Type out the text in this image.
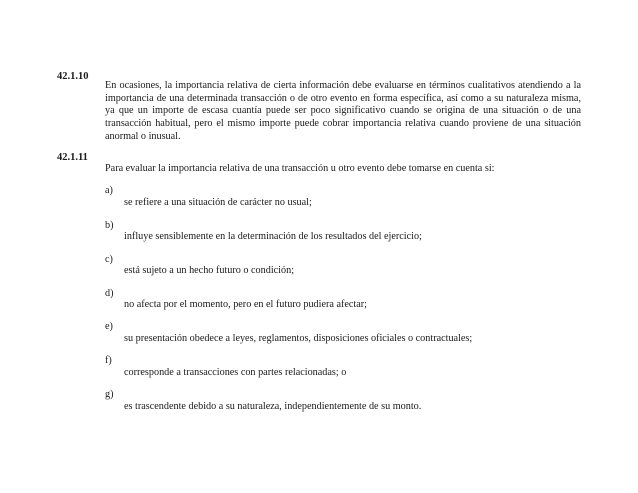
42.1.10
En ocasiones, la importancia relativa de cierta información debe evaluarse en términos cualitativos atendiendo a la importancia de una determinada transacción o de otro evento en forma específica, así como a su naturaleza misma, ya que un importe de escasa cuantía puede ser poco significativo cuando se origina de una situación o de una transacción habitual, pero el mismo importe puede cobrar importancia relativa cuando proviene de una situación anormal o inusual.
42.1.11
Para evaluar la importancia relativa de una transacción u otro evento debe tomarse en cuenta si:
a)
se refiere a una situación de carácter no usual;
b)
influye sensiblemente en la determinación de los resultados del ejercicio;
c)
está sujeto a un hecho futuro o condición;
d)
no afecta por el momento, pero en el futuro pudiera afectar;
e)
su presentación obedece a leyes, reglamentos, disposiciones oficiales o contractuales;
f)
corresponde a transacciones con partes relacionadas; o
g)
es trascendente debido a su naturaleza, independientemente de su monto.
